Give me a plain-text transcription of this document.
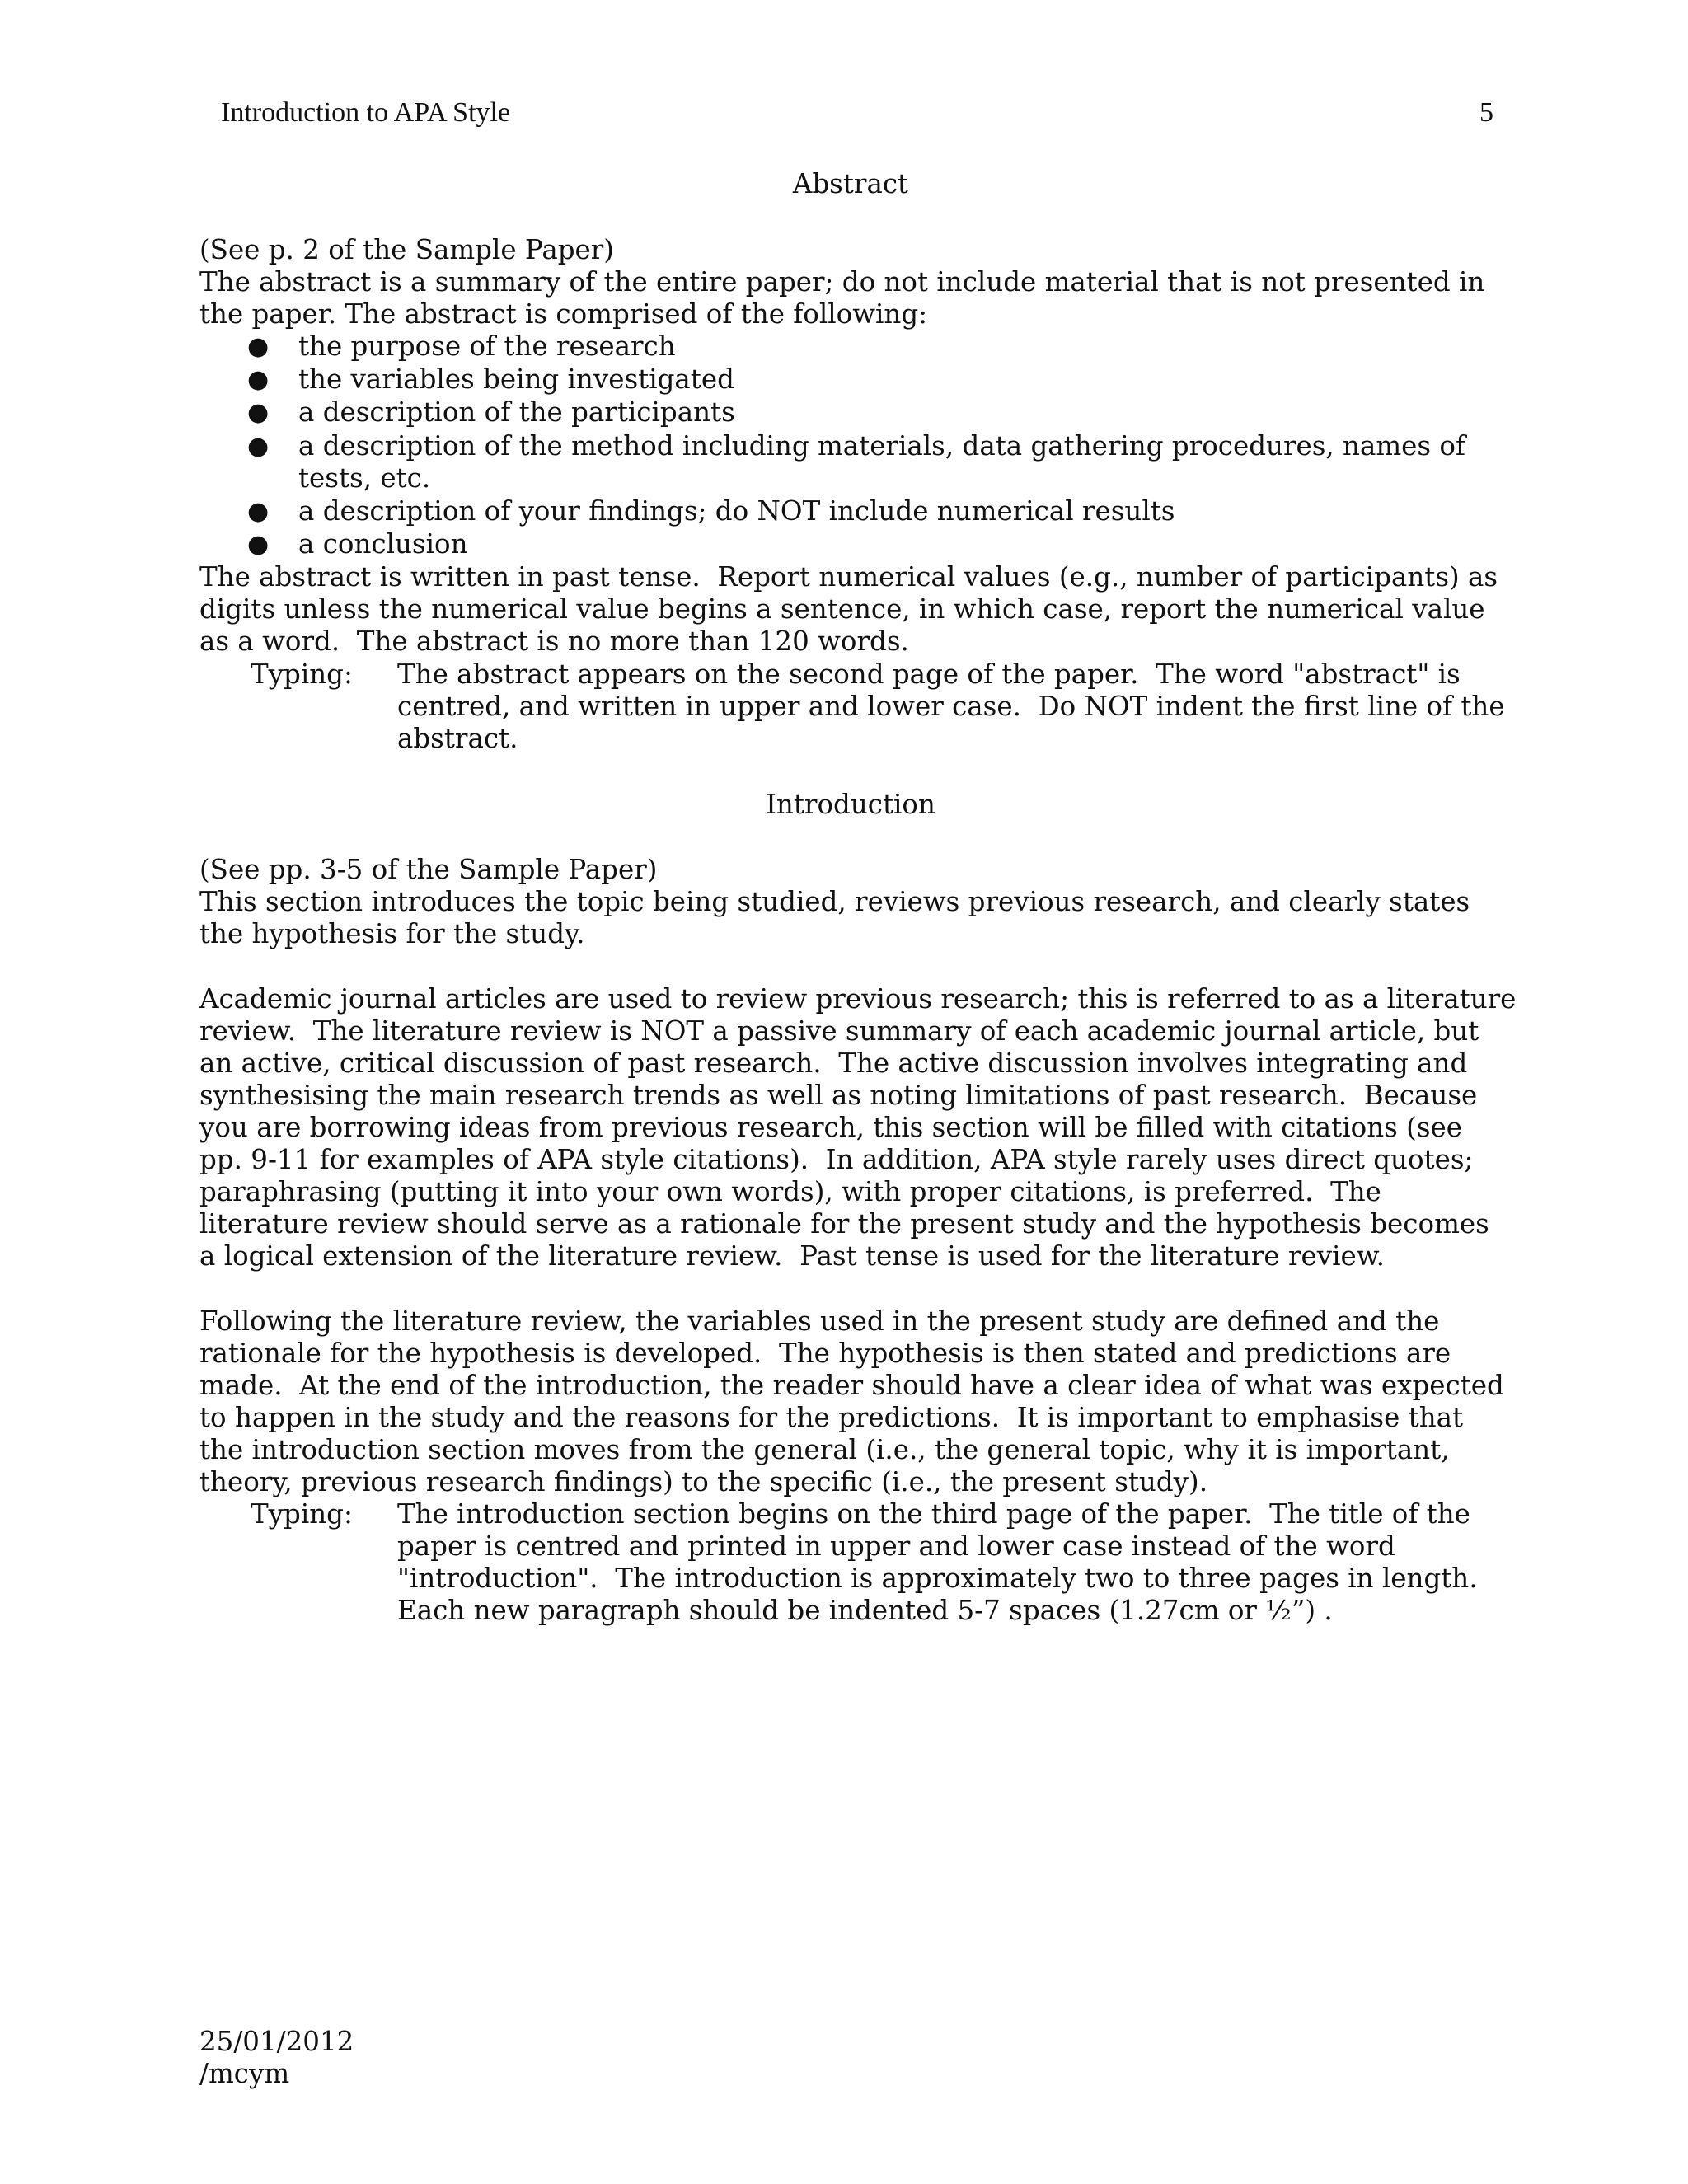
Introduction to APA Style	5
Abstract
(See p. 2 of the Sample Paper)
The abstract is a summary of the entire paper; do not include material that is not presented in
the paper. The abstract is comprised of the following:
● the purpose of the research
● the variables being investigated
● a description of the participants
● a description of the method including materials, data gathering procedures, names of
tests, etc.
● a description of your findings; do NOT include numerical results
● a conclusion
The abstract is written in past tense.  Report numerical values (e.g., number of participants) as
digits unless the numerical value begins a sentence, in which case, report the numerical value
as a word.  The abstract is no more than 120 words.
Typing: The abstract appears on the second page of the paper.  The word "abstract" is
centred, and written in upper and lower case.  Do NOT indent the first line of the
abstract.
Introduction
(See pp. 3-5 of the Sample Paper)
This section introduces the topic being studied, reviews previous research, and clearly states
the hypothesis for the study.
Academic journal articles are used to review previous research; this is referred to as a literature
review.  The literature review is NOT a passive summary of each academic journal article, but
an active, critical discussion of past research.  The active discussion involves integrating and
synthesising the main research trends as well as noting limitations of past research.  Because
you are borrowing ideas from previous research, this section will be filled with citations (see
pp. 9-11 for examples of APA style citations).  In addition, APA style rarely uses direct quotes;
paraphrasing (putting it into your own words), with proper citations, is preferred.  The
literature review should serve as a rationale for the present study and the hypothesis becomes
a logical extension of the literature review.  Past tense is used for the literature review.
Following the literature review, the variables used in the present study are defined and the
rationale for the hypothesis is developed.  The hypothesis is then stated and predictions are
made.  At the end of the introduction, the reader should have a clear idea of what was expected
to happen in the study and the reasons for the predictions.  It is important to emphasise that
the introduction section moves from the general (i.e., the general topic, why it is important,
theory, previous research findings) to the specific (i.e., the present study).
Typing: The introduction section begins on the third page of the paper.  The title of the
paper is centred and printed in upper and lower case instead of the word
"introduction".  The introduction is approximately two to three pages in length.
Each new paragraph should be indented 5-7 spaces (1.27cm or ½”) .
25/01/2012
/mcym
